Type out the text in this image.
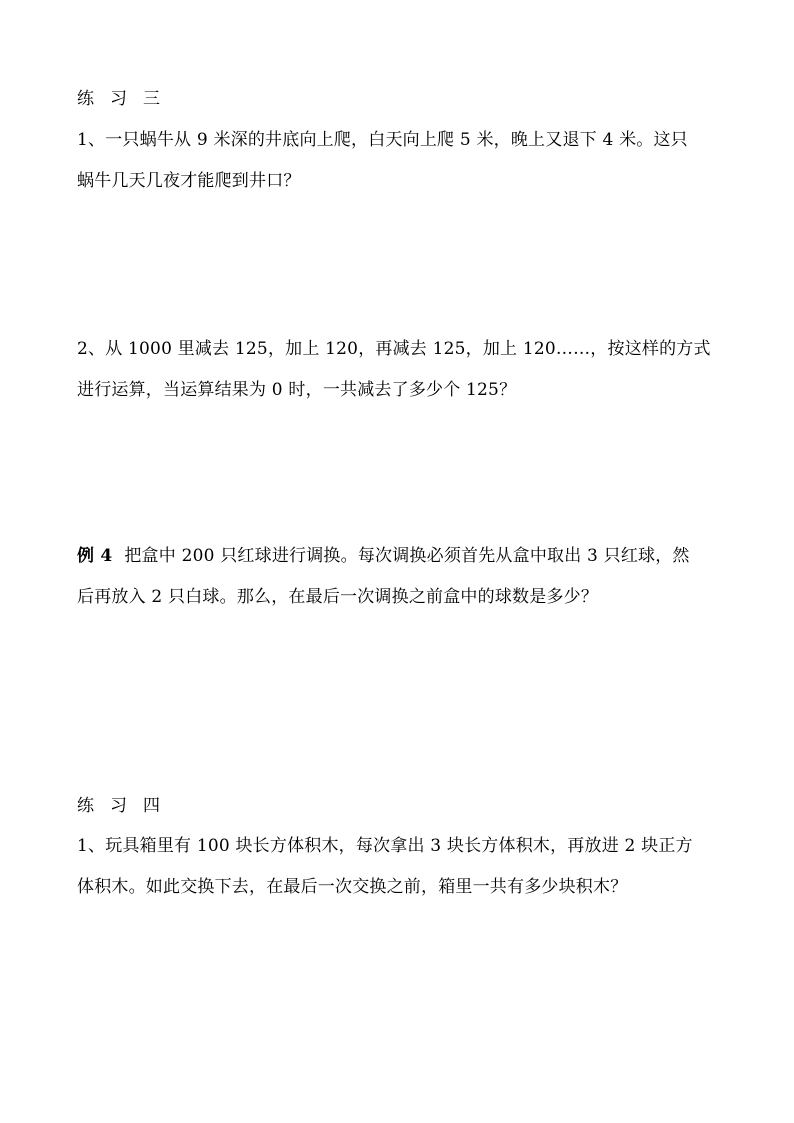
练 习 三
1、一只蜗牛从 9 米深的井底向上爬，白天向上爬 5 米，晚上又退下 4 米。这只
蜗牛几天几夜才能爬到井口？
2、从 1000 里减去 125，加上 120，再减去 125，加上 120……，按这样的方式
进行运算，当运算结果为 0 时，一共减去了多少个 125？
例 4 把盒中 200 只红球进行调换。每次调换必须首先从盒中取出 3 只红球，然
后再放入 2 只白球。那么，在最后一次调换之前盒中的球数是多少？
练 习 四
1、玩具箱里有 100 块长方体积木，每次拿出 3 块长方体积木，再放进 2 块正方
体积木。如此交换下去，在最后一次交换之前，箱里一共有多少块积木？
